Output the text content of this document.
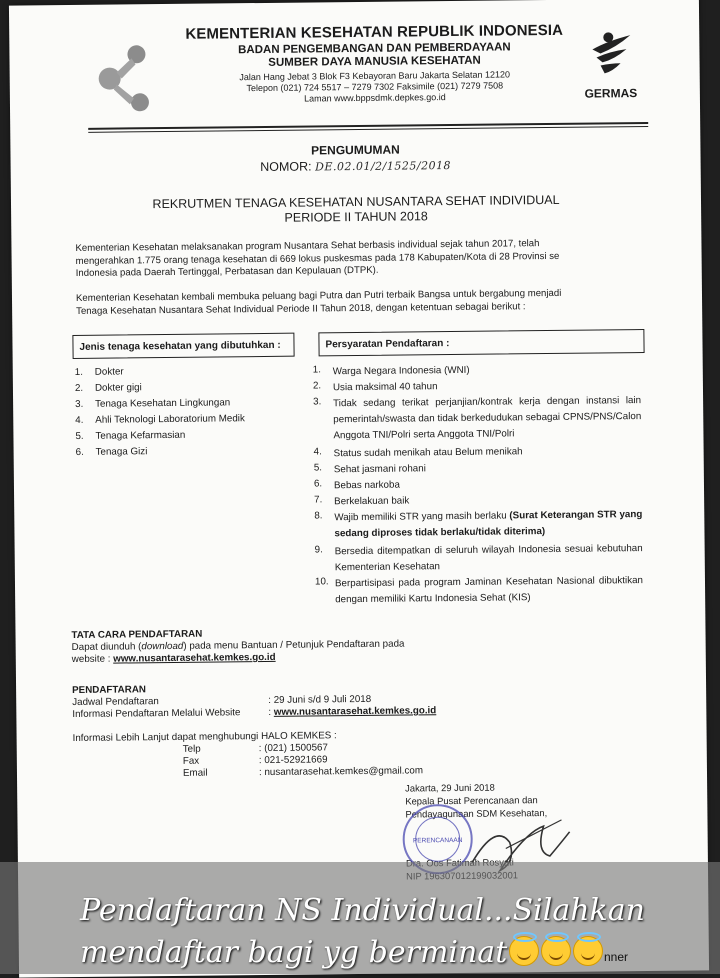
KEMENTERIAN KESEHATAN REPUBLIK INDONESIA
BADAN PENGEMBANGAN DAN PEMBERDAYAAN
SUMBER DAYA MANUSIA KESEHATAN
Jalan Hang Jebat 3 Blok F3 Kebayoran Baru Jakarta Selatan 12120
Telepon (021) 724 5517 – 7279 7302 Faksimile (021) 7279 7508
Laman www.bppsdmk.depkes.go.id	GERMAS
PENGUMUMAN
NOMOR: DE.02.01/2/1525/2018
REKRUTMEN TENAGA KESEHATAN NUSANTARA SEHAT INDIVIDUAL
PERIODE II TAHUN 2018
Kementerian Kesehatan melaksanakan program Nusantara Sehat berbasis individual sejak tahun 2017, telah
mengerahkan 1.775 orang tenaga kesehatan di 669 lokus puskesmas pada 178 Kabupaten/Kota di 28 Provinsi se
Indonesia pada Daerah Tertinggal, Perbatasan dan Kepulauan (DTPK).
Kementerian Kesehatan kembali membuka peluang bagi Putra dan Putri terbaik Bangsa untuk bergabung menjadi
Tenaga Kesehatan Nusantara Sehat Individual Periode II Tahun 2018, dengan ketentuan sebagai berikut :
Jenis tenaga kesehatan yang dibutuhkan :	Persyaratan Pendaftaran :
1. Dokter
2. Dokter gigi
3. Tenaga Kesehatan Lingkungan
4. Ahli Teknologi Laboratorium Medik
5. Tenaga Kefarmasian
6. Tenaga Gizi
1.	Warga Negara Indonesia (WNI)
2.	Usia maksimal 40 tahun
3.	Tidak sedang terikat perjanjian/kontrak kerja dengan instansi lain pemerintah/swasta dan tidak berkedudukan sebagai CPNS/PNS/Calon Anggota TNI/Polri serta Anggota TNI/Polri
4.	Status sudah menikah atau Belum menikah
5.	Sehat jasmani rohani
6.	Bebas narkoba
7.	Berkelakuan baik
8.	Wajib memiliki STR yang masih berlaku (Surat Keterangan STR yang sedang diproses tidak berlaku/tidak diterima)
9.	Bersedia ditempatkan di seluruh wilayah Indonesia sesuai kebutuhan Kementerian Kesehatan
10. Berpartisipasi pada program Jaminan Kesehatan Nasional dibuktikan dengan memiliki Kartu Indonesia Sehat (KIS)
TATA CARA PENDAFTARAN
Dapat diunduh (download) pada menu Bantuan / Petunjuk Pendaftaran pada
website : www.nusantarasehat.kemkes.go.id
PENDAFTARAN
Jadwal Pendaftaran	: 29 Juni s/d 9 Juli 2018
Informasi Pendaftaran Melalui Website	: www.nusantarasehat.kemkes.go.id
Informasi Lebih Lanjut dapat menghubungi HALO KEMKES :
Telp	: (021) 1500567
Fax	: 021-52921669
Email	: nusantarasehat.kemkes@gmail.com
Jakarta, 29 Juni 2018
Kepala Pusat Perencanaan dan
Pendayagunaan SDM Kesehatan,
PERENCANAAN
Pendaftaran NS Individual...Silahkan
mendaftar bagi yg berminat	nner
